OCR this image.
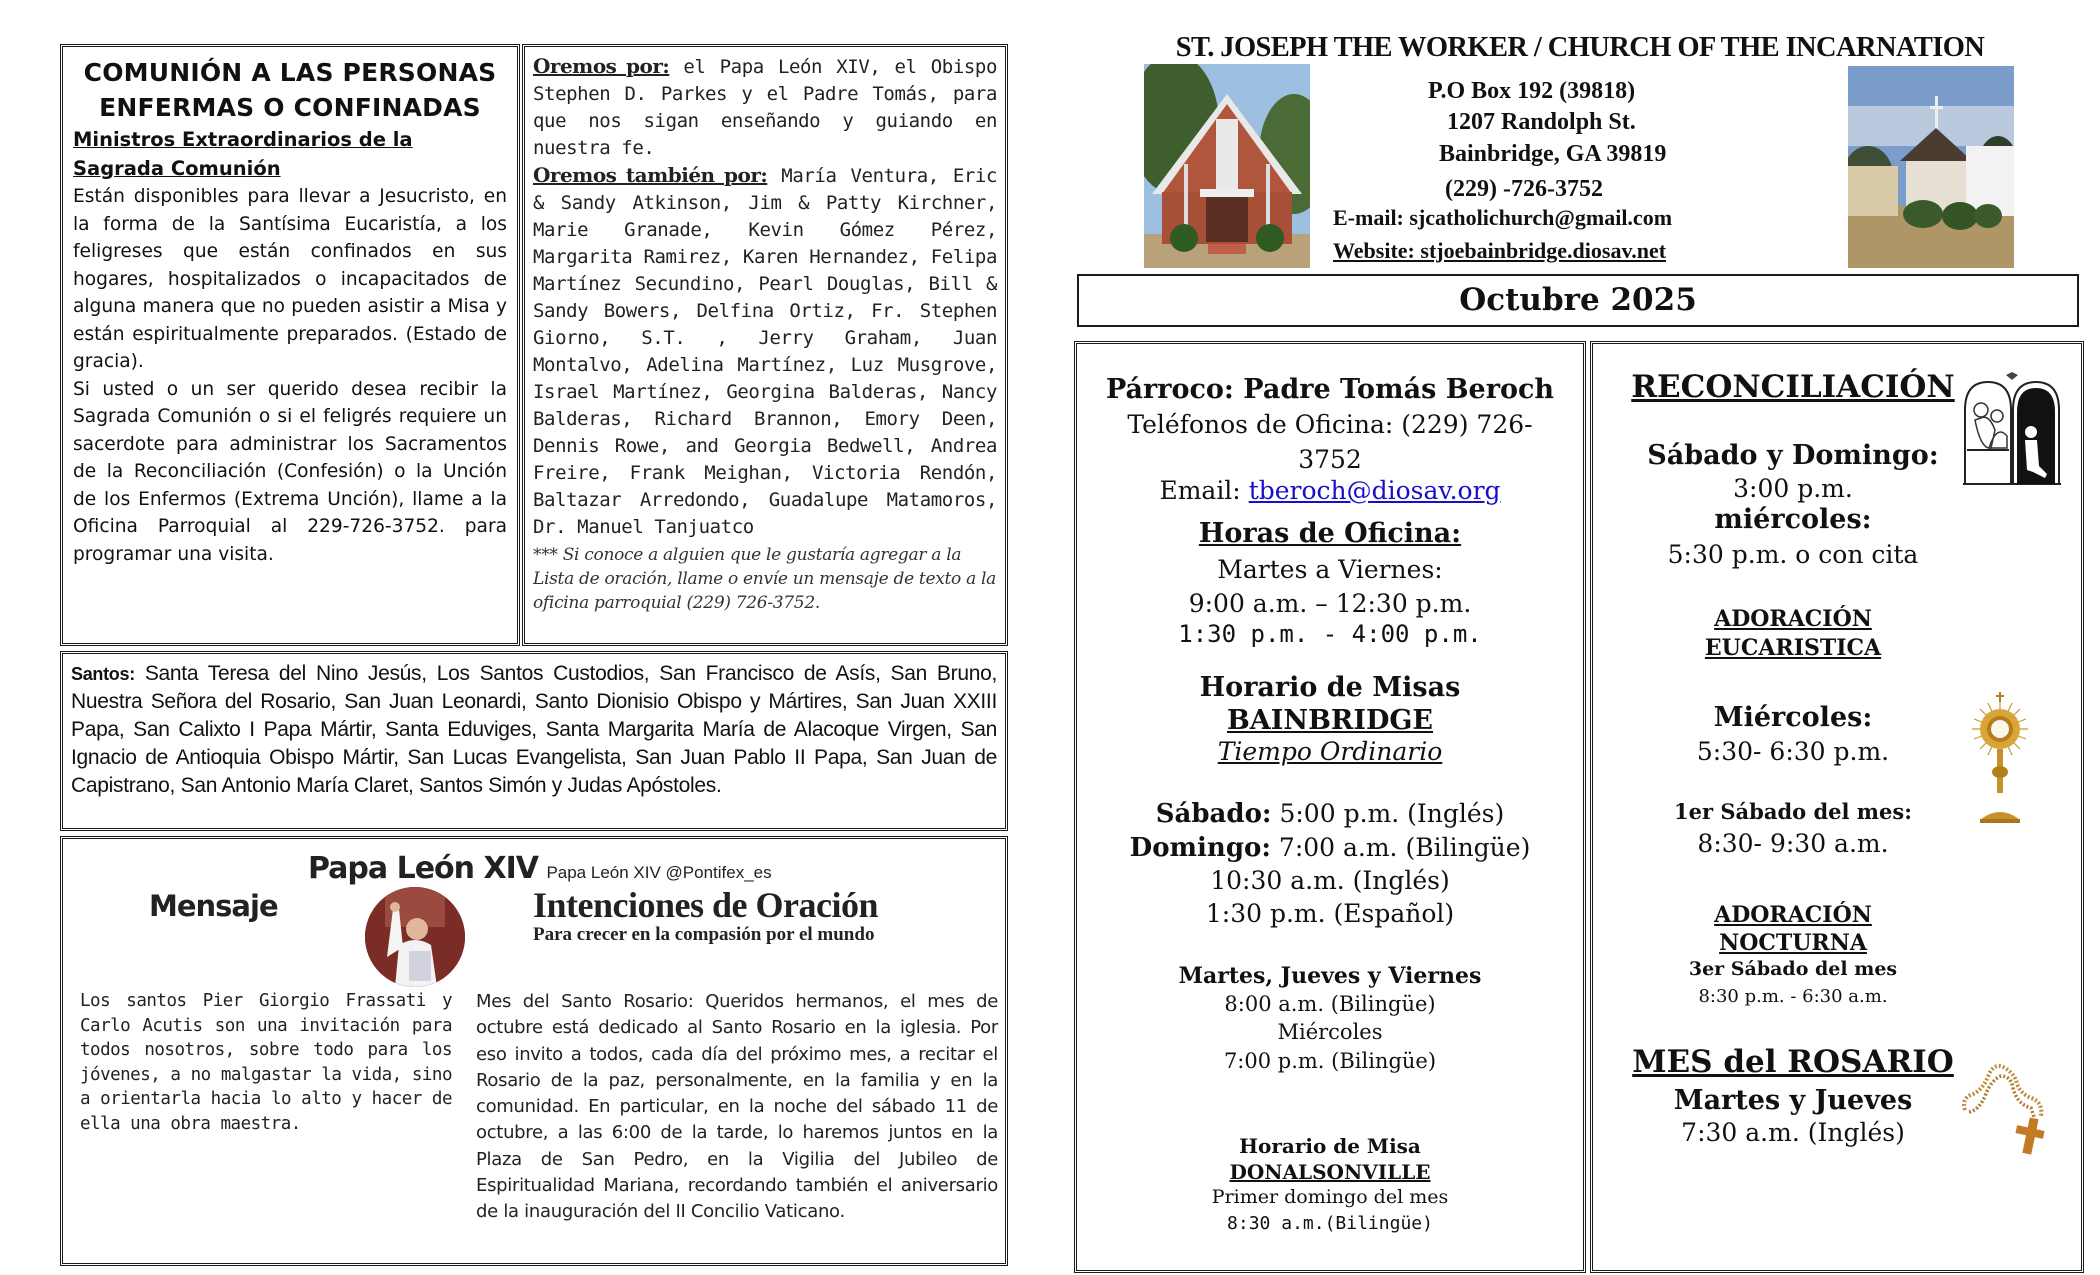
COMUNIÓN A LAS PERSONAS
ENFERMAS O CONFINADAS
Ministros Extraordinarios de la
Sagrada Comunión

Están disponibles para llevar a Jesucristo, en la forma de la Santísima Eucaristía, a los feligreses que están confinados en sus hogares, hospitalizados o incapacitados de alguna manera que no pueden asistir a Misa y están espiritualmente preparados. (Estado de gracia).

Si usted o un ser querido desea recibir la Sagrada Comunión o si el feligrés requiere un sacerdote para administrar los Sacramentos de la Reconciliación (Confesión) o la Unción de los Enfermos (Extrema Unción), llame a la Oficina Parroquial al 229-726-3752. para programar una visita.

Oremos por: el Papa León XIV, el Obispo Stephen D. Parkes y el Padre Tomás, para que nos sigan enseñando y guiando en nuestra fe.
Oremos también por: María Ventura, Eric & Sandy Atkinson, Jim & Patty Kirchner, Marie Granade, Kevin Gómez Pérez, Margarita Ramirez, Karen Hernandez, Felipa Martínez Secundino, Pearl Douglas, Bill & Sandy Bowers, Delfina Ortiz, Fr. Stephen Giorno, S.T. , Jerry Graham, Juan Montalvo, Adelina Martínez, Luz Musgrove, Israel Martínez, Georgina Balderas, Nancy Balderas, Richard Brannon, Emory Deen, Dennis Rowe, and Georgia Bedwell, Andrea Freire, Frank Meighan, Victoria Rendón, Baltazar Arredondo, Guadalupe Matamoros, Dr. Manuel Tanjuatco
*** Si conoce a alguien que le gustaría agregar a la Lista de oración, llame o envíe un mensaje de texto a la oficina parroquial (229) 726-3752.
Santos: Santa Teresa del Nino Jesús, Los Santos Custodios, San Francisco de Asís, San Bruno, Nuestra Señora del Rosario, San Juan Leonardi, Santo Dionisio Obispo y Mártires, San Juan XXIII Papa, San Calixto I Papa Mártir, Santa Eduviges, Santa Margarita María de Alacoque Virgen, San Ignacio de Antioquia Obispo Mártir, San Lucas Evangelista, San Juan Pablo II Papa, San Juan de Capistrano, San Antonio María Claret, Santos Simón y Judas Apóstoles.
Papa León XIV Papa León XIV @Pontifex_es
Mensaje	Intenciones de Oración
Para crecer en la compasión por el mundo
Los santos Pier Giorgio Frassati y Carlo Acutis son una invitación para todos nosotros, sobre todo para los jóvenes, a no malgastar la vida, sino a orientarla hacia lo alto y hacer de ella una obra maestra.
Mes del Santo Rosario: Queridos hermanos, el mes de octubre está dedicado al Santo Rosario en la iglesia. Por eso invito a todos, cada día del próximo mes, a recitar el Rosario de la paz, personalmente, en la familia y en la comunidad. En particular, en la noche del sábado 11 de octubre, a las 6:00 de la tarde, lo haremos juntos en la Plaza de San Pedro, en la Vigilia del Jubileo de Espiritualidad Mariana, recordando también el aniversario de la inauguración del II Concilio Vaticano.
ST. JOSEPH THE WORKER / CHURCH OF THE INCARNATION
P.O Box 192 (39818)
1207 Randolph St.
Bainbridge, GA 39819
(229) -726-3752
E-mail: sjcatholichurch@gmail.com
Website: stjoebainbridge.diosav.net
Octubre 2025
Párroco: Padre Tomás Beroch
Teléfonos de Oficina: (229) 726-
3752
Email: tberoch@diosav.org
Horas de Oficina:
Martes a Viernes:
9:00 a.m. – 12:30 p.m.
1:30 p.m. - 4:00 p.m.
Horario de Misas
BAINBRIDGE
Tiempo Ordinario
Sábado: 5:00 p.m. (Inglés)
Domingo: 7:00 a.m. (Bilingüe)
10:30 a.m. (Inglés)
1:30 p.m. (Español)
Martes, Jueves y Viernes
8:00 a.m. (Bilingüe)
Miércoles
7:00 p.m. (Bilingüe)
Horario de Misa
DONALSONVILLE
Primer domingo del mes
8:30 a.m.(Bilingüe)
RECONCILIACIÓN
Sábado y Domingo:
3:00 p.m.
miércoles:
5:30 p.m. o con cita
ADORACIÓN
EUCARISTICA
Miércoles:
5:30- 6:30 p.m.
1er Sábado del mes:
8:30- 9:30 a.m.
ADORACIÓN
NOCTURNA
3er Sábado del mes
8:30 p.m. - 6:30 a.m.
MES del ROSARIO
Martes y Jueves
7:30 a.m. (Inglés)
